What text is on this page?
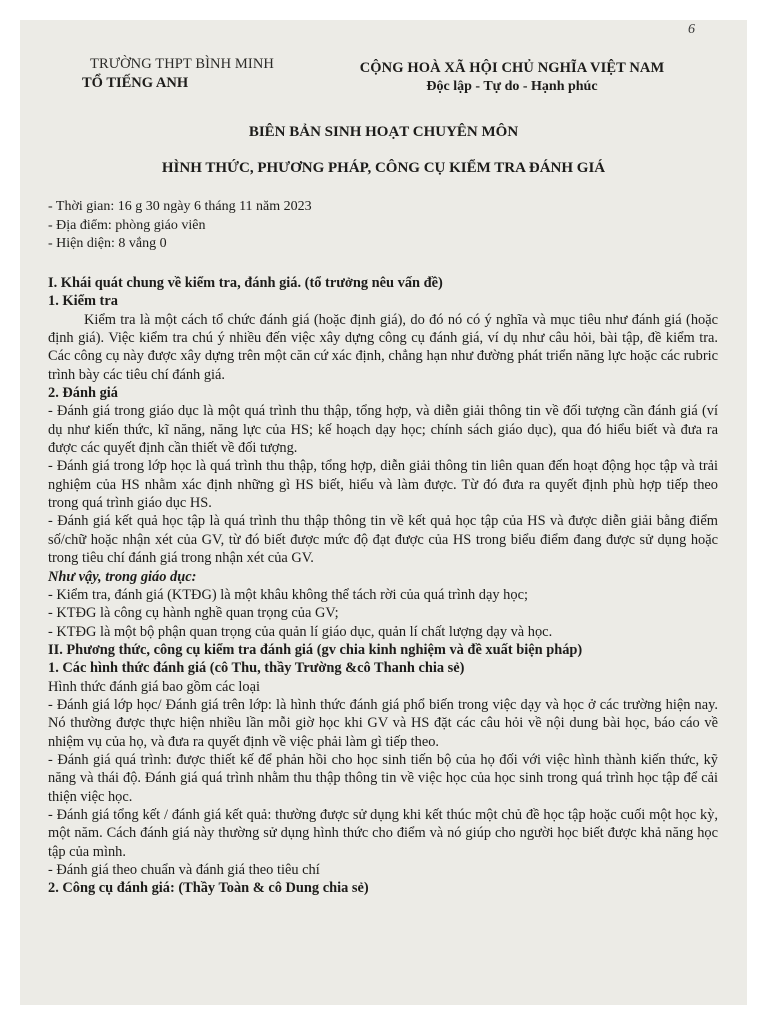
6
TRƯỜNG THPT BÌNH MINH
TỔ TIẾNG ANH
CỘNG HOÀ XÃ HỘI CHỦ NGHĨA VIỆT NAM
Độc lập - Tự do - Hạnh phúc
BIÊN BẢN SINH HOẠT CHUYÊN MÔN
HÌNH THỨC, PHƯƠNG PHÁP, CÔNG CỤ KIỂM TRA ĐÁNH GIÁ
- Thời gian: 16 g 30 ngày 6 tháng 11 năm 2023
- Địa điểm: phòng giáo viên
- Hiện diện: 8 vắng 0

I. Khái quát chung về kiểm tra, đánh giá. (tổ trưởng nêu vấn đề)

1. Kiểm tra

Kiểm tra là một cách tổ chức đánh giá (hoặc định giá), do đó nó có ý nghĩa và mục tiêu như đánh giá (hoặc định giá). Việc kiểm tra chú ý nhiều đến việc xây dựng công cụ đánh giá, ví dụ như câu hỏi, bài tập, đề kiểm tra. Các công cụ này được xây dựng trên một căn cứ xác định, chẳng hạn như đường phát triển năng lực hoặc các rubric trình bày các tiêu chí đánh giá.

2. Đánh giá

- Đánh giá trong giáo dục là một quá trình thu thập, tổng hợp, và diễn giải thông tin về đối tượng cần đánh giá (ví dụ như kiến thức, kĩ năng, năng lực của HS; kế hoạch dạy học; chính sách giáo dục), qua đó hiểu biết và đưa ra được các quyết định cần thiết về đối tượng.

- Đánh giá trong lớp học là quá trình thu thập, tổng hợp, diễn giải thông tin liên quan đến hoạt động học tập và trải nghiệm của HS nhằm xác định những gì HS biết, hiểu và làm được. Từ đó đưa ra quyết định phù hợp tiếp theo trong quá trình giáo dục HS.

- Đánh giá kết quả học tập là quá trình thu thập thông tin về kết quả học tập của HS và được diễn giải bằng điểm số/chữ hoặc nhận xét của GV, từ đó biết được mức độ đạt được của HS trong biểu điểm đang được sử dụng hoặc trong tiêu chí đánh giá trong nhận xét của GV.

Như vậy, trong giáo dục:

- Kiểm tra, đánh giá (KTĐG) là một khâu không thể tách rời của quá trình dạy học;

- KTĐG là công cụ hành nghề quan trọng của GV;

- KTĐG là một bộ phận quan trọng của quản lí giáo dục, quản lí chất lượng dạy và học.

II. Phương thức, công cụ kiểm tra đánh giá (gv chia kinh nghiệm và đề xuất biện pháp)

1. Các hình thức đánh giá (cô Thu, thầy Trường &cô Thanh chia sẻ)

Hình thức đánh giá bao gồm các loại

- Đánh giá lớp học/ Đánh giá trên lớp: là hình thức đánh giá phổ biến trong việc dạy và học ở các trường hiện nay. Nó thường được thực hiện nhiều lần mỗi giờ học khi GV và HS đặt các câu hỏi về nội dung bài học, báo cáo về nhiệm vụ của họ, và đưa ra quyết định về việc phải làm gì tiếp theo.

- Đánh giá quá trình: được thiết kế để phản hồi cho học sinh tiến bộ của họ đối với việc hình thành kiến thức, kỹ năng và thái độ. Đánh giá quá trình nhằm thu thập thông tin về việc học của học sinh trong quá trình học tập để cải thiện việc học.

- Đánh giá tổng kết / đánh giá kết quả: thường được sử dụng khi kết thúc một chủ đề học tập hoặc cuối một học kỳ, một năm. Cách đánh giá này thường sử dụng hình thức cho điểm và nó giúp cho người học biết được khả năng học tập của mình.

- Đánh giá theo chuẩn và đánh giá theo tiêu chí

2. Công cụ đánh giá: (Thầy Toàn & cô Dung chia sẻ)
